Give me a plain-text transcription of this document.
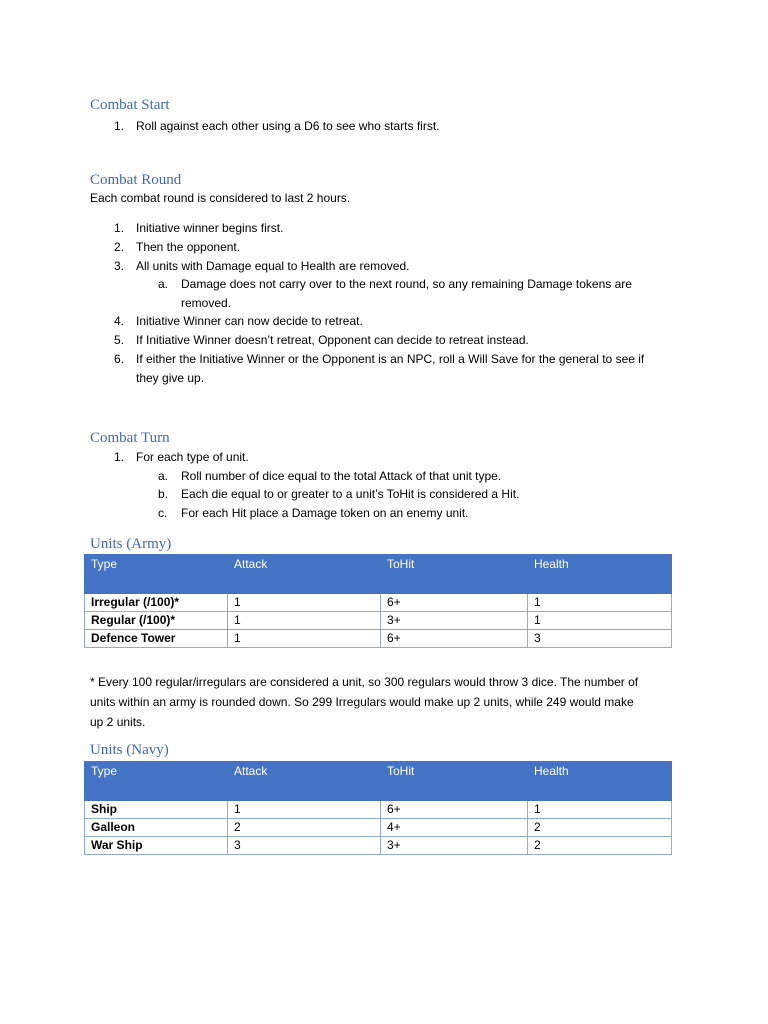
Combat Start
1. Roll against each other using a D6 to see who starts first.
Combat Round
Each combat round is considered to last 2 hours.
1. Initiative winner begins first.
2. Then the opponent.
3. All units with Damage equal to Health are removed.
a. Damage does not carry over to the next round, so any remaining Damage tokens are
removed.
4. Initiative Winner can now decide to retreat.
5. If Initiative Winner doesn’t retreat, Opponent can decide to retreat instead.
6. If either the Initiative Winner or the Opponent is an NPC, roll a Will Save for the general to see if
they give up.
Combat Turn
1. For each type of unit.
a. Roll number of dice equal to the total Attack of that unit type.
b. Each die equal to or greater to a unit’s ToHit is considered a Hit.
c. For each Hit place a Damage token on an enemy unit.
Units (Army)
Type	Attack	ToHit	Health
Irregular (/100)*	1	6+	1
Regular (/100)*	1	3+	1
Defence Tower	1	6+	3
* Every 100 regular/irregulars are considered a unit, so 300 regulars would throw 3 dice. The number of
units within an army is rounded down. So 299 Irregulars would make up 2 units, while 249 would make
up 2 units.
Units (Navy)
Type	Attack	ToHit	Health
Ship	1	6+	1
Galleon	2	4+	2
War Ship	3	3+	2
